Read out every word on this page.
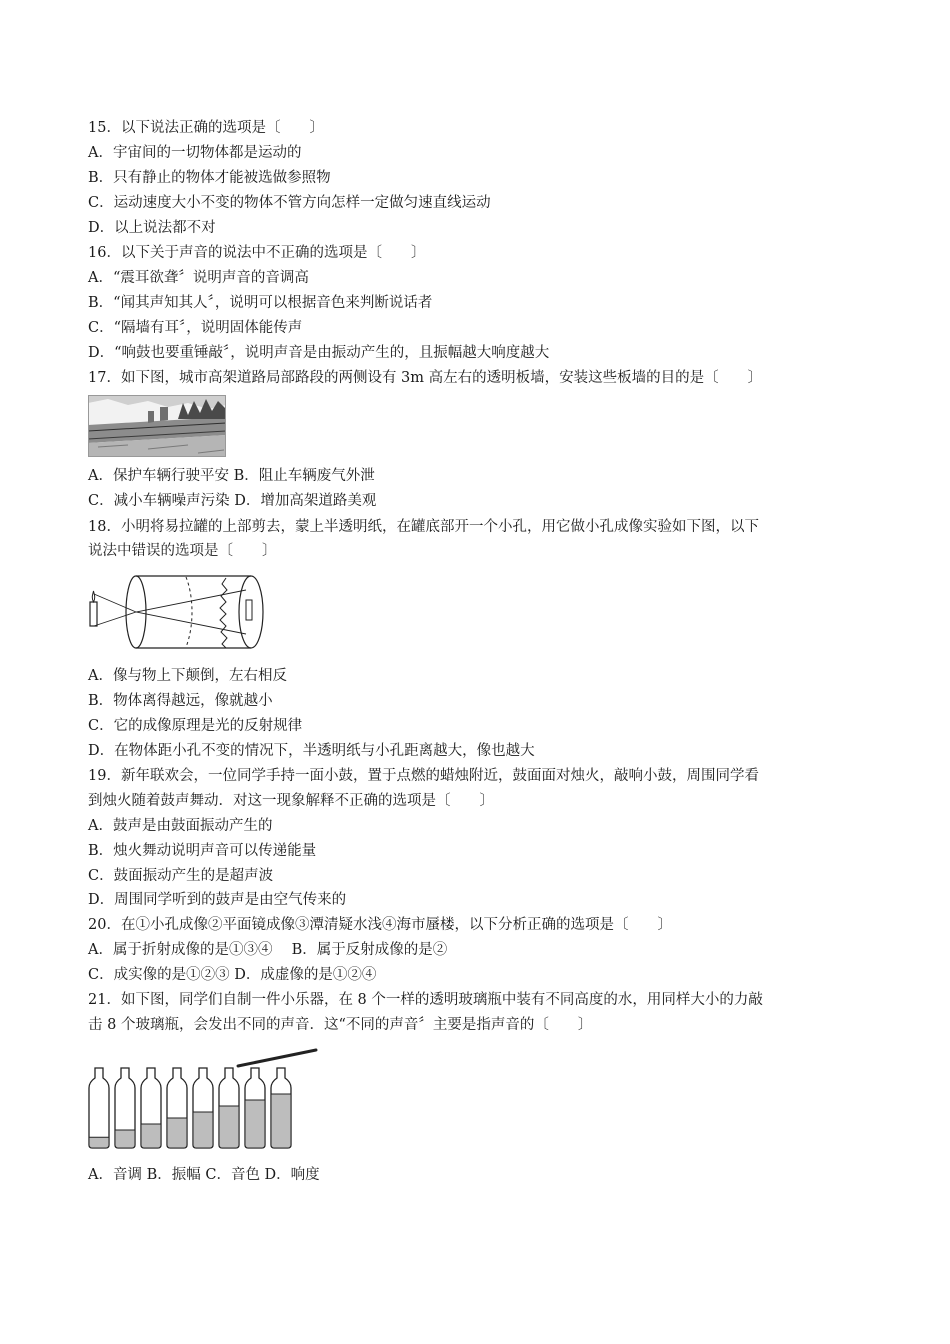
15．以下说法正确的选项是〔　　〕
A．宇宙间的一切物体都是运动的
B．只有静止的物体才能被选做参照物
C．运动速度大小不变的物体不管方向怎样一定做匀速直线运动
D．以上说法都不对
16．以下关于声音的说法中不正确的选项是〔　　〕
A．“震耳欲聋〞说明声音的音调高
B．“闻其声知其人〞，说明可以根据音色来判断说话者
C．“隔墙有耳〞，说明固体能传声
D．“响鼓也要重锤敲〞，说明声音是由振动产生的，且振幅越大响度越大
17．如下图，城市高架道路局部路段的两侧设有 3m 高左右的透明板墙，安装这些板墙的目的是〔　　〕
A．保护车辆行驶平安 B．阻止车辆废气外泄
C．减小车辆噪声污染 D．增加高架道路美观
18．小明将易拉罐的上部剪去，蒙上半透明纸，在罐底部开一个小孔，用它做小孔成像实验如下图，以下
说法中错误的选项是〔　　〕
A．像与物上下颠倒，左右相反
B．物体离得越远，像就越小
C．它的成像原理是光的反射规律
D．在物体距小孔不变的情况下，半透明纸与小孔距离越大，像也越大
19．新年联欢会，一位同学手持一面小鼓，置于点燃的蜡烛附近，鼓面面对烛火，敲响小鼓，周围同学看
到烛火随着鼓声舞动．对这一现象解释不正确的选项是〔　　〕
A．鼓声是由鼓面振动产生的
B．烛火舞动说明声音可以传递能量
C．鼓面振动产生的是超声波
D．周围同学听到的鼓声是由空气传来的
20．在①小孔成像②平面镜成像③潭清疑水浅④海市蜃楼，以下分析正确的选项是〔　　〕
A．属于折射成像的是①③④　 B．属于反射成像的是②
C．成实像的是①②③ D．成虚像的是①②④
21．如下图，同学们自制一件小乐器，在 8 个一样的透明玻璃瓶中装有不同高度的水，用同样大小的力敲
击 8 个玻璃瓶，会发出不同的声音．这“不同的声音〞主要是指声音的〔　　〕
A．音调 B．振幅 C．音色 D．响度
